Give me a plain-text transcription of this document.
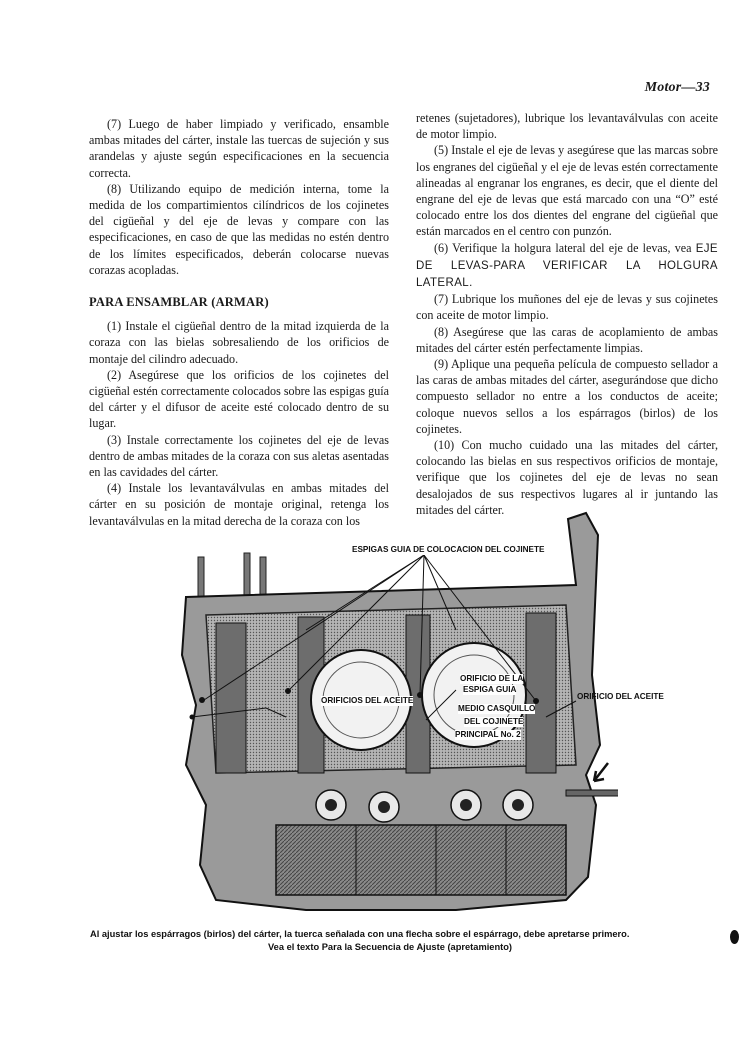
Motor—33

(7) Luego de haber limpiado y verificado, ensamble ambas mitades del cárter, instale las tuercas de sujeción y sus arandelas y ajuste según especificaciones en la secuencia correcta.

(8) Utilizando equipo de medición interna, tome la medida de los compartimientos cilíndricos de los cojinetes del cigüeñal y del eje de levas y compare con las especificaciones, en caso de que las medidas no estén dentro de los límites especificados, deberán colocarse nuevas corazas acopladas.

PARA ENSAMBLAR (ARMAR)

(1) Instale el cigüeñal dentro de la mitad izquierda de la coraza con las bielas sobresaliendo de los orificios de montaje del cilindro adecuado.

(2) Asegúrese que los orificios de los cojinetes del cigüeñal estén correctamente colocados sobre las espigas guía del cárter y el difusor de aceite esté colocado dentro de su lugar.

(3) Instale correctamente los cojinetes del eje de levas dentro de ambas mitades de la coraza con sus aletas asentadas en las cavidades del cárter.

(4) Instale los levantaválvulas en ambas mitades del cárter en su posición de montaje original, retenga los levantaválvulas en la mitad derecha de la coraza con los

retenes (sujetadores), lubrique los levantaválvulas con aceite de motor limpio.

(5) Instale el eje de levas y asegúrese que las marcas sobre los engranes del cigüeñal y el eje de levas estén correctamente alineadas al engranar los engranes, es decir, que el diente del engrane del eje de levas que está marcado con una “O” esté colocado entre los dos dientes del engrane del cigüeñal que están marcados en el centro con punzón.

(6) Verifique la holgura lateral del eje de levas, vea EJE DE LEVAS-PARA VERIFICAR LA HOLGURA LATERAL.

(7) Lubrique los muñones del eje de levas y sus cojinetes con aceite de motor limpio.

(8) Asegúrese que las caras de acoplamiento de ambas mitades del cárter estén perfectamente limpias.

(9) Aplique una pequeña película de compuesto sellador a las caras de ambas mitades del cárter, asegurándose que dicho compuesto sellador no entre a los conductos de aceite; coloque nuevos sellos a los espárragos (birlos) de los cojinetes.

(10) Con mucho cuidado una las mitades del cárter, colocando las bielas en sus respectivos orificios de montaje, verifique que los cojinetes del eje de levas no sean desalojados de sus respectivos lugares al ir juntando las mitades del cárter.

ESPIGAS GUIA DE COLOCACION DEL COJINETE
ORIFICIOS DEL ACEITE	ORIFICIO DEL ACEITE
ORIFICIO DE LA
ESPIGA GUIA
MEDIO CASQUILLO
DEL COJINETE
PRINCIPAL No. 2
Al ajustar los espárragos (birlos) del cárter, la tuerca señalada con una flecha sobre el espárrago, debe apretarse primero.
Vea el texto Para la Secuencia de Ajuste (apretamiento)
